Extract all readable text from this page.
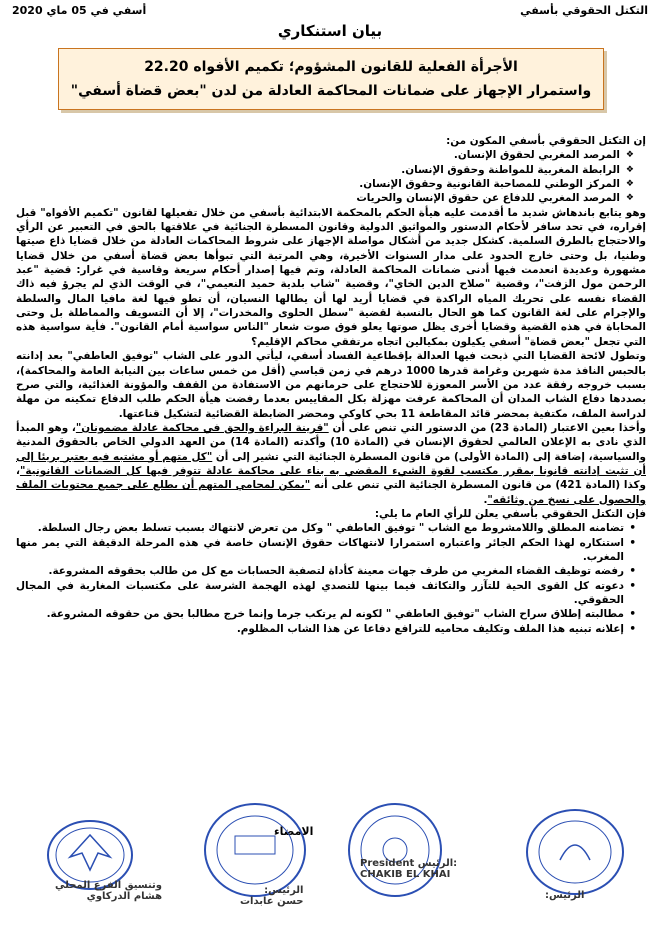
التكتل الحقوقي بأسفي
أسفي في 05 ماي 2020
بيان استنكاري
الأجرأة الفعلية للقانون المشؤوم؛ تكميم الأفواه 22.20
واستمرار الإجهاز على ضمانات المحاكمة العادلة من لدن "بعض قضاة أسفي"

إن التكتل الحقوقي بأسفي المكون من:

❖ المرصد المغربي لحقوق الإنسان.
❖ الرابطة المغربية للمواطنة وحقوق الإنسان.
❖ المركز الوطني للمصاحبة القانونية وحقوق الإنسان.
❖ المرصد المغربي للدفاع عن حقوق الإنسان والحريات

وهو يتابع باندهاش شديد ما أقدمت عليه هيأة الحكم بالمحكمة الابتدائية بأسفي من خلال تفعيلها لقانون "تكميم الأفواه" قبل إقراره، في تحد سافر لأحكام الدستور والمواثيق الدولية وقانون المسطرة الجنائية في علاقتها بالحق في التعبير عن الرأي والاحتجاج بالطرق السلمية. كشكل جديد من أشكال مواصلة الإجهاز على شروط المحاكمات العادلة من خلال قضايا ذاع صيتها وطنيا، بل وحتى خارج الحدود على مدار السنوات الأخيرة، وهي المرتبة التي تبوأها بعض قضاة أسفي من خلال قضايا مشهورة وعديدة انعدمت فيها أدنى ضمانات المحاكمة العادلة، وتم فيها إصدار أحكام سريعة وقاسية في غرار: قضية "عبد الرحمن مول الزفت"، وقضية "صلاح الدين الخاي"، وقضية "شاب بلدية حميد النعيمي"، في الوقت الذي لم يجرؤ فيه ذاك القضاء نفسه على تحريك المياه الراكدة في قضايا أريد لها أن يطالها النسيان، أن تطو فيها لغة مافيا المال والسلطة والإجرام على لغة القانون كما هو الحال بالنسبة لقضية "سطل الحلوى والمخدرات"، إلا أن التسويف والمماطلة بل وحتى المحاباة في هذه القضية وقضايا أخرى يظل صوتها يعلو فوق صوت شعار "الناس سواسية أمام القانون". فأية سواسية هذه التي تجعل "بعض قضاة" أسفي يكيلون بمكيالين اتجاه مرتفقي محاكم الإقليم؟

وتطول لائحة القضايا التي ذبحت فيها العدالة بإقطاعية الفساد أسفي، ليأتي الدور على الشاب "توفيق العاطفي" بعد إدانته بالحبس النافذ مدة شهرين وغرامة قدرها 1000 درهم في زمن قياسي (أقل من خمس ساعات بين النيابة العامة والمحاكمة)، بسبب خروجه رفقة عدد من الأسر المعوزة للاحتجاج على حرمانهم من الاستفادة من القفف والمؤونة الغذائية، والتي صرح بصددها دفاع الشاب المدان أن المحاكمة عرفت مهزلة بكل المقاييس بعدما رفضت هيأة الحكم طلب الدفاع تمكينه من مهلة لدراسة الملف، مكتفية بمحضر قائد المقاطعة 11 بحي كاوكي ومحضر الضابطة القضائية لتشكيل قناعتها.

وأخذا بعين الاعتبار (المادة 23) من الدستور التي تنص على أن "قرينة البراءة والحق في محاكمة عادلة مضمونان"، وهو المبدأ الذي نادى به الإعلان العالمي لحقوق الإنسان في (المادة 10) وأكدته (المادة 14) من العهد الدولي الخاص بالحقوق المدنية والسياسية، إضافة إلى (المادة الأولى) من قانون المسطرة الجنائية التي تشير إلى أن "كل متهم أو مشتبه فيه يعتبر بريئا إلى أن تثبت إدانته قانونا بمقرر مكتسب لقوة الشيء المقضي به بناء على محاكمة عادلة تتوفر فيها كل الضمانات القانونية"، وكذا (المادة 421) من قانون المسطرة الجنائية التي تنص على أنه "يمكن لمحامي المتهم أن يطلع على جميع محتويات الملف والحصول على نسخ من وثائقه".

فإن التكتل الحقوقي بأسفي يعلن للرأي العام ما يلي:

• تضامنه المطلق واللامشروط مع الشاب " توفيق العاطفي " وكل من تعرض لانتهاك بسبب تسلط بعض رجال السلطة.
• استنكاره لهذا الحكم الجائر واعتباره استمرارا لانتهاكات حقوق الإنسان خاصة في هذه المرحلة الدقيقة التي يمر منها المغرب.
• رفضه توظيف القضاء المغربي من طرف جهات معينة كأداة لتصفية الحسابات مع كل من طالب بحقوقه المشروعة.
• دعوته كل القوى الحية للتآزر والتكاثف فيما بينها للتصدي لهذه الهجمة الشرسة على مكتسبات المغاربة في المجال الحقوقي.
• مطالبته إطلاق سراح الشاب "توفيق العاطفي " لكونه لم يرتكب جرما وإنما خرج مطالبا بحق من حقوقه المشروعة.
• إعلانه تبنيه هذا الملف وتكليف محاميه للترافع دفاعا عن هذا الشاب المظلوم.
الامضاء
وتنسيق الفرع المحلي
هشام الدركاوي
الرئيس:
حسن عابدات
President الرئيس:
CHAKIB EL KHAI
الرئيس:
